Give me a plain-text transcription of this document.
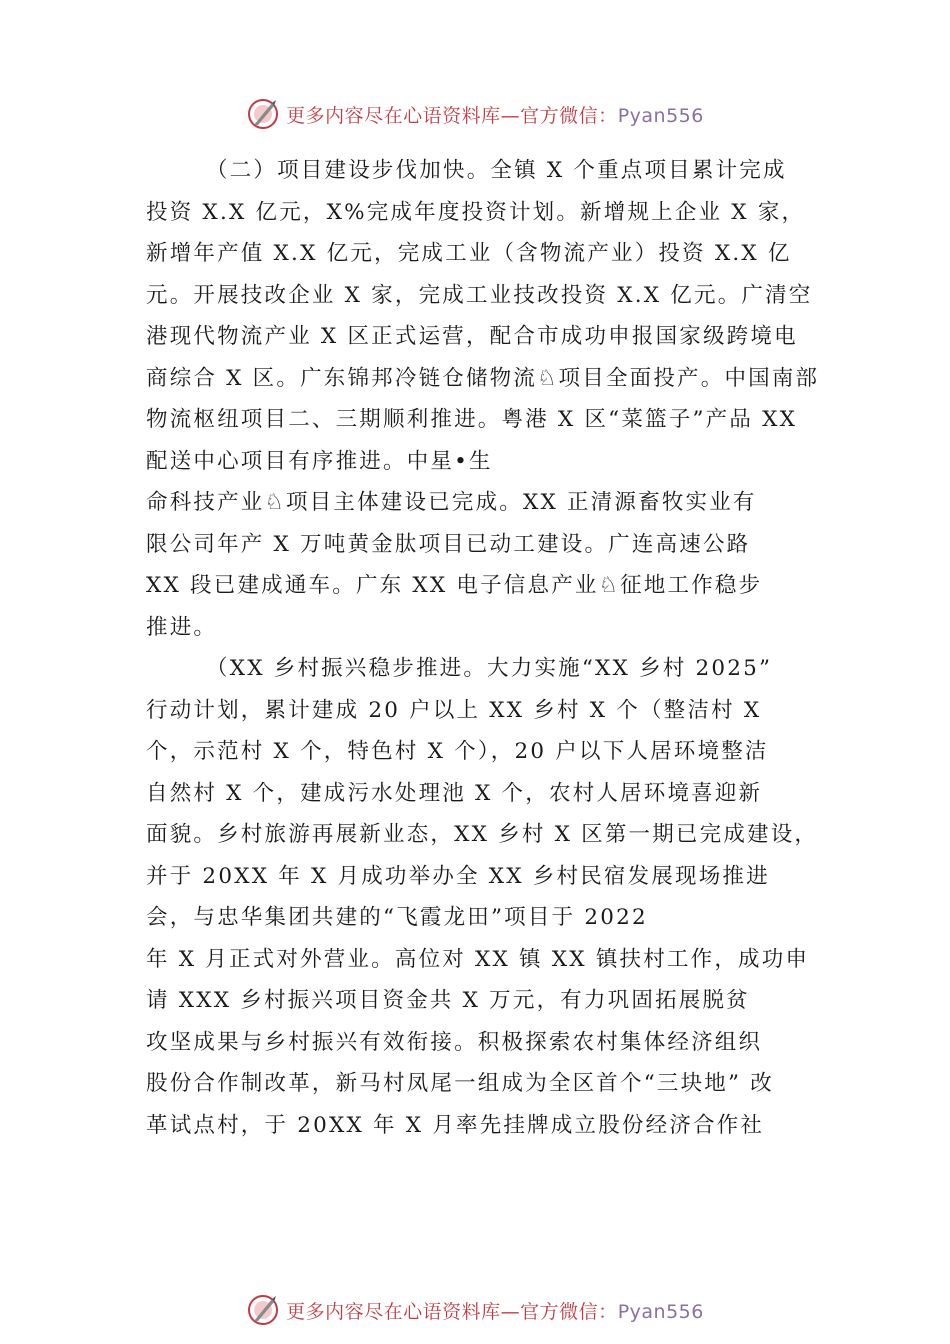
更多内容尽在心语资料库—官方微信：Pyan556
（二）项目建设步伐加快。全镇 X 个重点项目累计完成
投资 X.X 亿元，X%完成年度投资计划。新增规上企业 X 家，
新增年产值 X.X 亿元，完成工业（含物流产业）投资 X.X 亿
元。开展技改企业 X 家，完成工业技改投资 X.X 亿元。广清空
港现代物流产业 X 区正式运营，配合市成功申报国家级跨境电
商综合 X 区。广东锦邦冷链仓储物流♘项目全面投产。中国南部
物流枢纽项目二、三期顺利推进。粤港 X 区“菜篮子”产品 XX
配送中心项目有序推进。中星•生
命科技产业♘项目主体建设已完成。XX 正清源畜牧实业有
限公司年产 X 万吨黄金肽项目已动工建设。广连高速公路
XX 段已建成通车。广东 XX 电子信息产业♘征地工作稳步
推进。
（XX 乡村振兴稳步推进。大力实施“XX 乡村 2025”
行动计划，累计建成 20 户以上 XX 乡村 X 个（整洁村 X
个，示范村 X 个，特色村 X 个），20 户以下人居环境整洁
自然村 X 个，建成污水处理池 X 个，农村人居环境喜迎新
面貌。乡村旅游再展新业态，XX 乡村 X 区第一期已完成建设，
并于 20XX 年 X 月成功举办全 XX 乡村民宿发展现场推进
会，与忠华集团共建的“飞霞龙田”项目于 2022
年 X 月正式对外营业。高位对 XX 镇 XX 镇扶村工作，成功申
请 XXX 乡村振兴项目资金共 X 万元，有力巩固拓展脱贫
攻坚成果与乡村振兴有效衔接。积极探索农村集体经济组织
股份合作制改革，新马村凤尾一组成为全区首个“三块地” 改
革试点村，于 20XX 年 X 月率先挂牌成立股份经济合作社
更多内容尽在心语资料库—官方微信：Pyan556
